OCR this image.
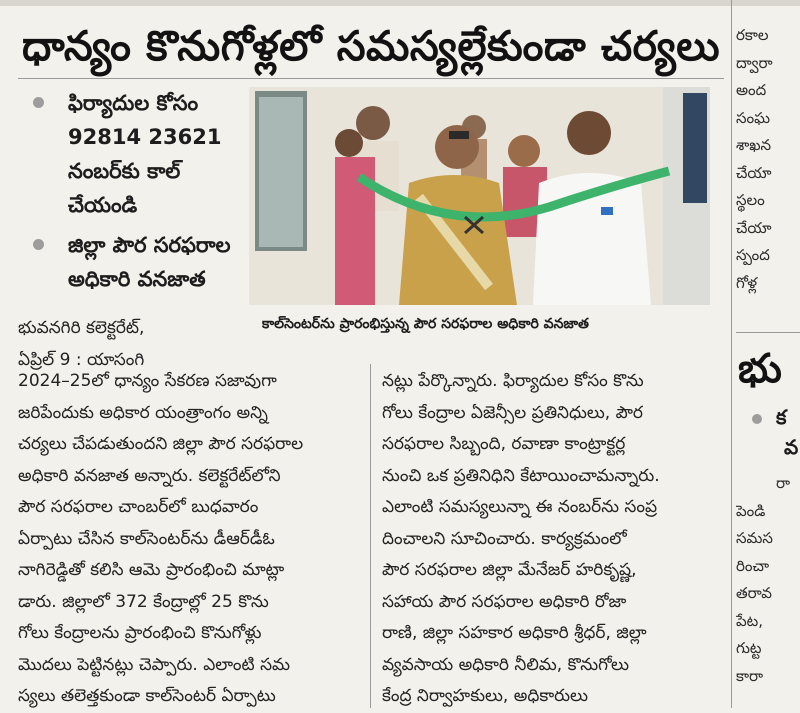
ధాన్యం కొనుగోళ్లలో సమస్యల్లేకుండా చర్యలు
ఫిర్యాదుల కోసం 92814 23621 నంబర్‌కు కాల్ చేయండి
జిల్లా పౌర సరఫరాల అధికారి వనజాత
కాల్‌సెంటర్‌ను ప్రారంభిస్తున్న పౌర సరఫరాల అధికారి వనజాత
భువనగిరి కలెక్టరేట్,
ఏప్రిల్ 9 : యాసంగి
2024–25లో ధాన్యం సేకరణ సజావుగా
జరిపేందుకు అధికార యంత్రాంగం అన్ని
చర్యలు చేపడుతుందని జిల్లా పౌర సరఫరాల
అధికారి వనజాత అన్నారు. కలెక్టరేట్‌లోని
పౌర సరఫరాల చాంబర్‌లో బుధవారం
ఏర్పాటు చేసిన కాల్‌సెంటర్‌ను డీఆర్‌డీఓ
నాగిరెడ్డితో కలిసి ఆమె ప్రారంభించి మాట్లా
డారు. జిల్లాలో 372 కేంద్రాల్లో 25 కొను
గోలు కేంద్రాలను ప్రారంభించి కొనుగోళ్లు
మొదలు పెట్టినట్లు చెప్పారు. ఎలాంటి సమ
స్యలు తలెత్తకుండా కాల్‌సెంటర్ ఏర్పాటు
నట్లు పేర్కొన్నారు. ఫిర్యాదుల కోసం కొను
గోలు కేంద్రాల ఏజెన్సీల ప్రతినిధులు, పౌర
సరఫరాల సిబ్బంది, రవాణా కాంట్రాక్టర్ల
నుంచి ఒక ప్రతినిధిని కేటాయించామన్నారు.
ఎలాంటి సమస్యలున్నా ఈ నంబర్‌ను సంప్ర
దించాలని సూచించారు. కార్యక్రమంలో
పౌర సరఫరాల జిల్లా మేనేజర్ హరికృష్ణ,
సహాయ పౌర సరఫరాల అధికారి రోజా
రాణి, జిల్లా సహకార అధికారి శ్రీధర్, జిల్లా
వ్యవసాయ అధికారి నీలిమ, కొనుగోలు
కేంద్ర నిర్వాహకులు, అధికారులు
రకాల
ద్వారా
అంద
సంఘ
శాఖన
చేయా
స్థలం
చేయా
స్పంద
గోళ్ల
భు
క
వ
రా
పెండి
సమస
రించా
తరావ
పేట,
గుట్ట
కారా
